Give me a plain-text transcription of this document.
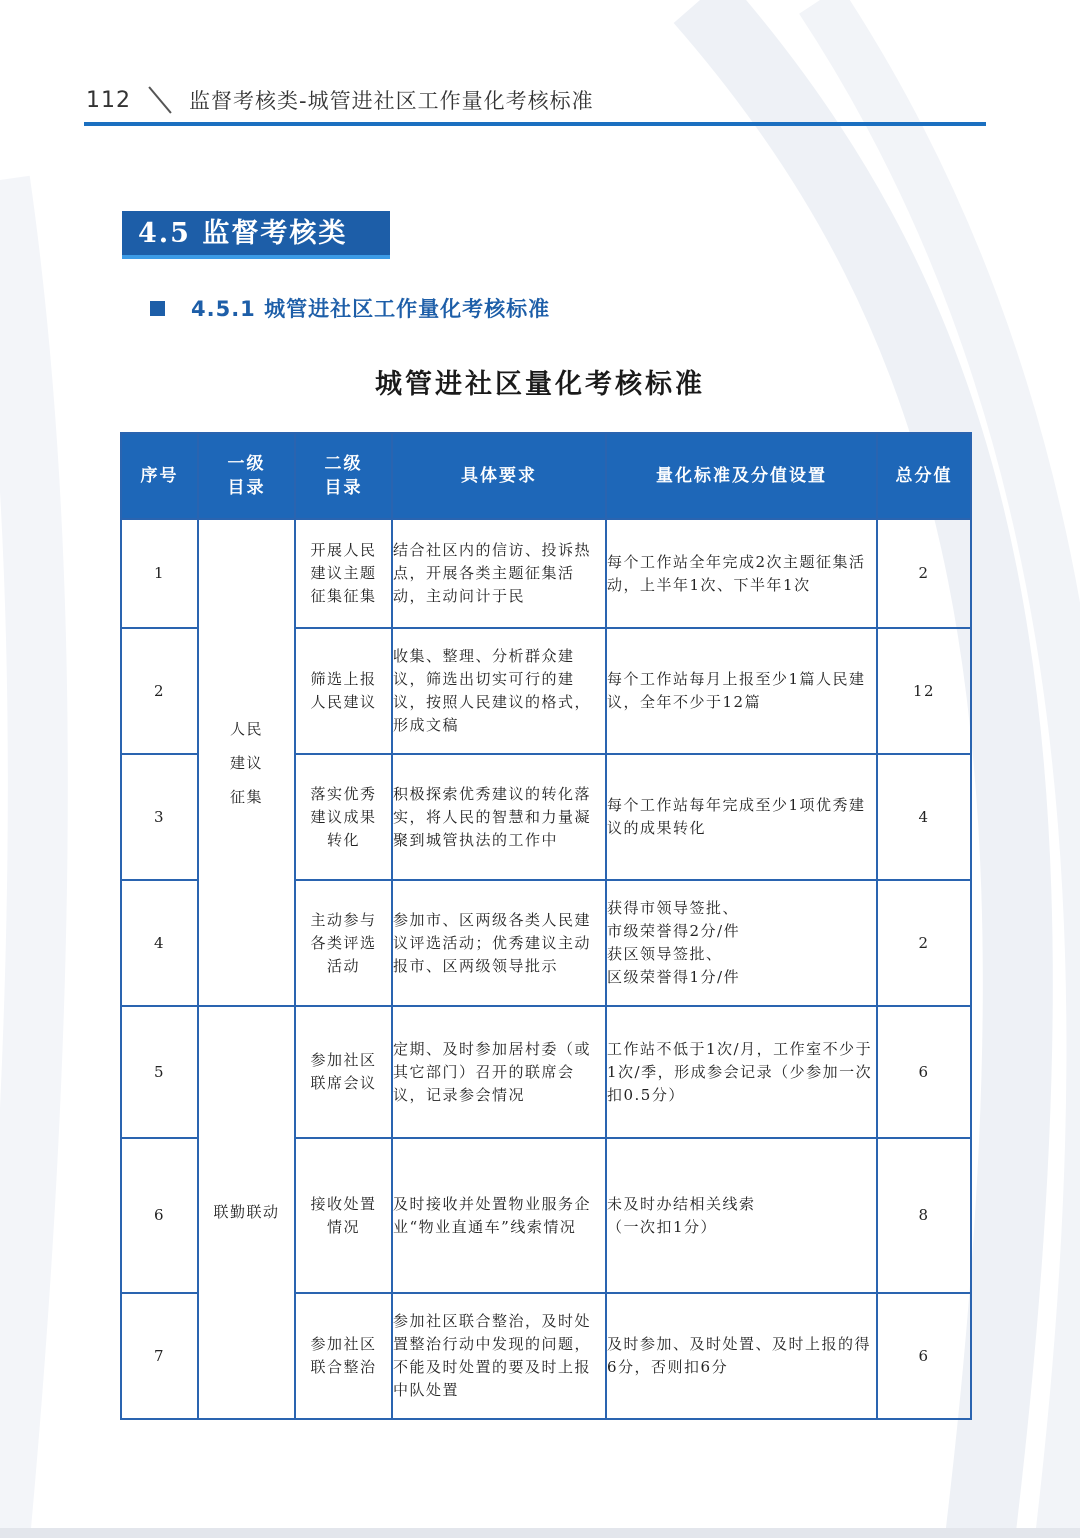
112	监督考核类-城管进社区工作量化考核标准
4.5 监督考核类
4.5.1 城管进社区工作量化考核标准
城管进社区量化考核标准
序号	一级目录	二级目录	具体要求	量化标准及分值设置	总分值
1	人民建议征集	开展人民
建议主题
征集征集	结合社区内的信访、投诉热点，开展各类主题征集活动，主动问计于民	每个工作站全年完成2次主题征集活动，上半年1次、下半年1次	2
2		筛选上报
人民建议	收集、整理、分析群众建议，筛选出切实可行的建议，按照人民建议的格式，形成文稿	每个工作站每月上报至少1篇人民建议，全年不少于12篇	12
3		落实优秀
建议成果
转化	积极探索优秀建议的转化落实，将人民的智慧和力量凝聚到城管执法的工作中	每个工作站每年完成至少1项优秀建议的成果转化	4
4		主动参与
各类评选
活动	参加市、区两级各类人民建议评选活动；优秀建议主动报市、区两级领导批示	获得市领导签批、
市级荣誉得2分/件
获区领导签批、
区级荣誉得1分/件	2
5	联勤联动	参加社区
联席会议	定期、及时参加居村委（或其它部门）召开的联席会议，记录参会情况	工作站不低于1次/月，工作室不少于1次/季，形成参会记录（少参加一次扣0.5分）	6
6		接收处置
情况	及时接收并处置物业服务企业“物业直通车”线索情况	未及时办结相关线索
（一次扣1分）	8
7		参加社区
联合整治	参加社区联合整治，及时处置整治行动中发现的问题，不能及时处置的要及时上报中队处置	及时参加、及时处置、及时上报的得6分，否则扣6分	6
